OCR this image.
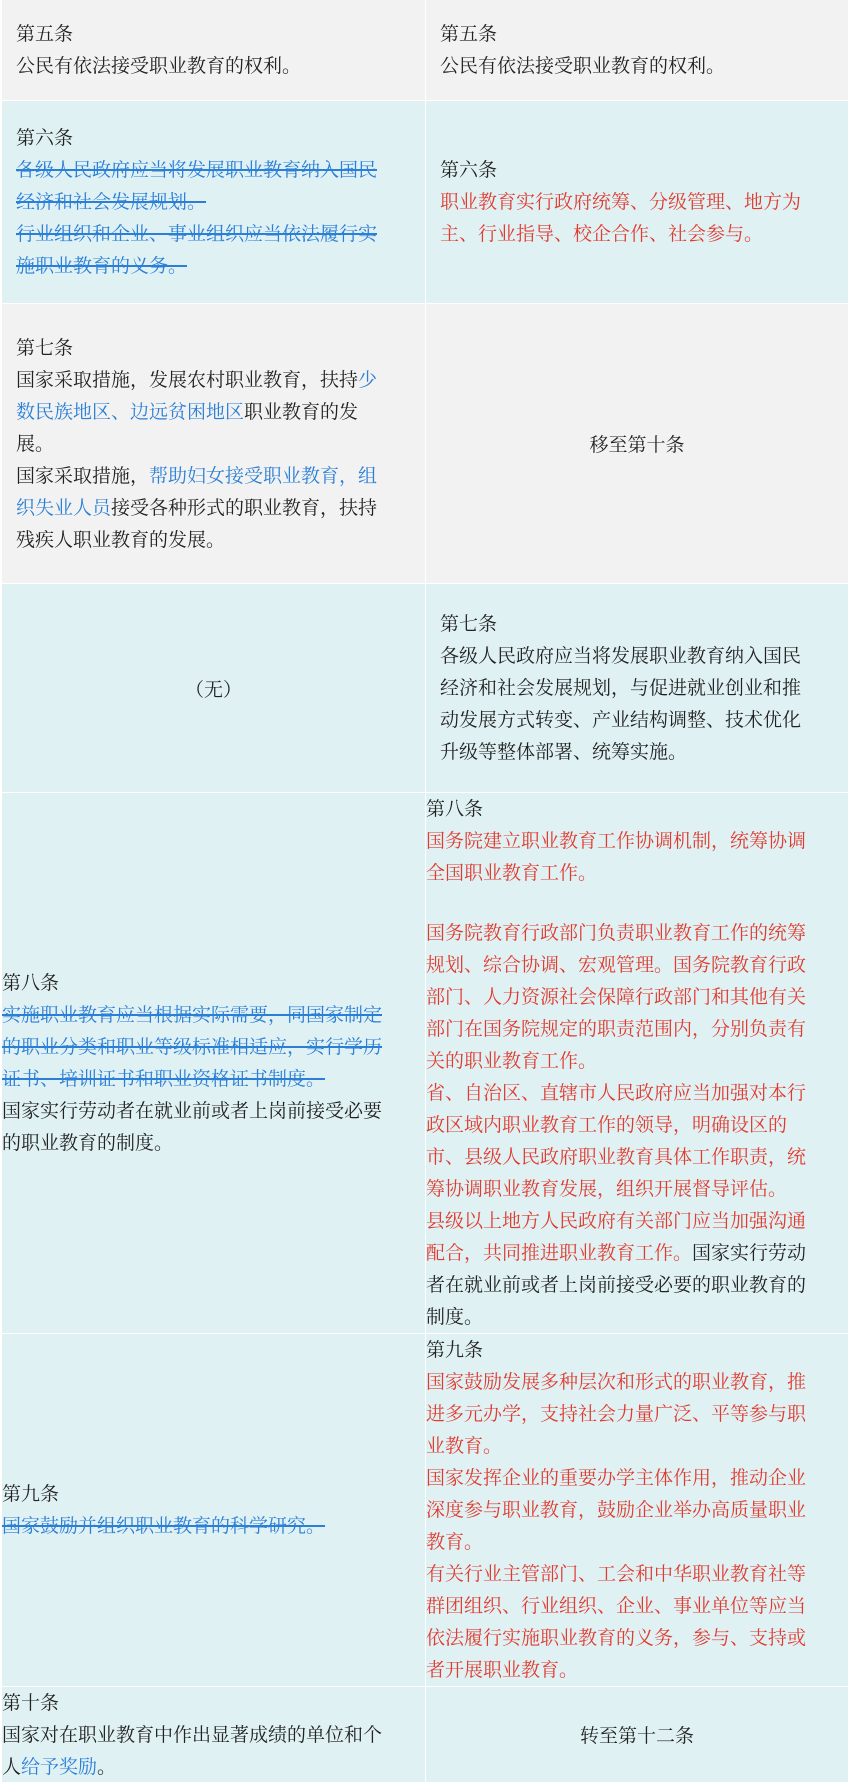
第五条
公民有依法接受职业教育的权利。
第五条
公民有依法接受职业教育的权利。
第六条
各级人民政府应当将发展职业教育纳入国民
经济和社会发展规划。
行业组织和企业、事业组织应当依法履行实
施职业教育的义务。
第六条
职业教育实行政府统筹、分级管理、地方为
主、行业指导、校企合作、社会参与。
第七条
国家采取措施，发展农村职业教育，扶持少
数民族地区、边远贫困地区职业教育的发
展。
国家采取措施，帮助妇女接受职业教育，组
织失业人员接受各种形式的职业教育，扶持
残疾人职业教育的发展。
移至第十条
（无）
第七条
各级人民政府应当将发展职业教育纳入国民
经济和社会发展规划，与促进就业创业和推
动发展方式转变、产业结构调整、技术优化
升级等整体部署、统筹实施。
第八条
实施职业教育应当根据实际需要，同国家制定
的职业分类和职业等级标准相适应，实行学历
证书、培训证书和职业资格证书制度。
国家实行劳动者在就业前或者上岗前接受必要
的职业教育的制度。
第八条
国务院建立职业教育工作协调机制，统筹协调
全国职业教育工作。
国务院教育行政部门负责职业教育工作的统筹
规划、综合协调、宏观管理。国务院教育行政
部门、人力资源社会保障行政部门和其他有关
部门在国务院规定的职责范围内，分别负责有
关的职业教育工作。
省、自治区、直辖市人民政府应当加强对本行
政区域内职业教育工作的领导，明确设区的
市、县级人民政府职业教育具体工作职责，统
筹协调职业教育发展，组织开展督导评估。
县级以上地方人民政府有关部门应当加强沟通
配合，共同推进职业教育工作。国家实行劳动
者在就业前或者上岗前接受必要的职业教育的
制度。
第九条
国家鼓励并组织职业教育的科学研究。
第九条
国家鼓励发展多种层次和形式的职业教育，推
进多元办学，支持社会力量广泛、平等参与职
业教育。
国家发挥企业的重要办学主体作用，推动企业
深度参与职业教育，鼓励企业举办高质量职业
教育。
有关行业主管部门、工会和中华职业教育社等
群团组织、行业组织、企业、事业单位等应当
依法履行实施职业教育的义务，参与、支持或
者开展职业教育。
第十条
国家对在职业教育中作出显著成绩的单位和个
人给予奖励。
转至第十二条
